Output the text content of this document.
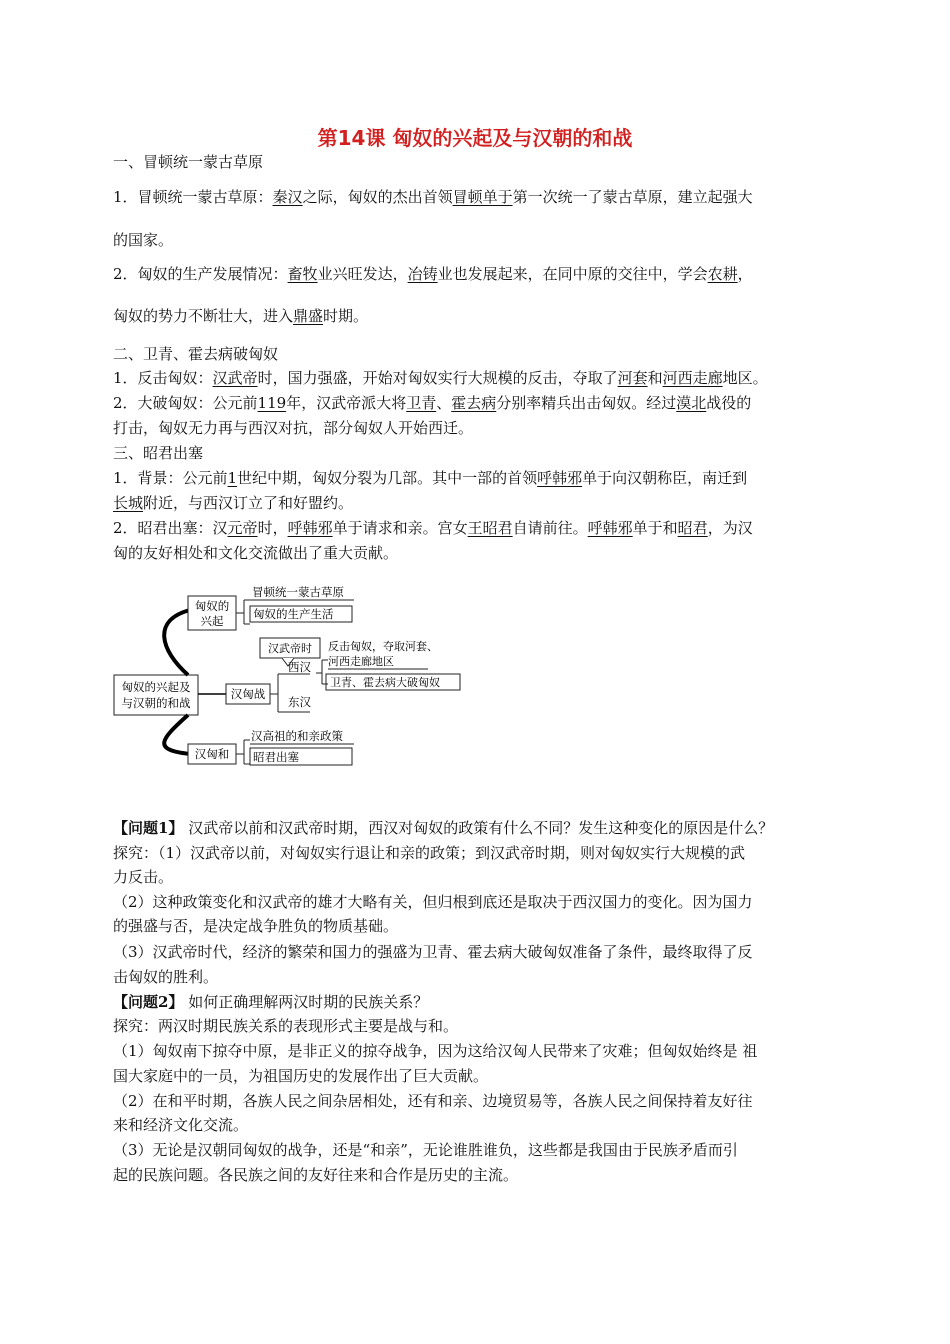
第14课 匈奴的兴起及与汉朝的和战
一、冒顿统一蒙古草原
1．冒顿统一蒙古草原：秦汉之际，匈奴的杰出首领冒顿单于第一次统一了蒙古草原，建立起强大
的国家。
2．匈奴的生产发展情况：畜牧业兴旺发达，冶铸业也发展起来，在同中原的交往中，学会农耕，
匈奴的势力不断壮大，进入鼎盛时期。
二、卫青、霍去病破匈奴
1．反击匈奴：汉武帝时，国力强盛，开始对匈奴实行大规模的反击，夺取了河套和河西走廊地区。
2．大破匈奴：公元前119年，汉武帝派大将卫青、霍去病分别率精兵出击匈奴。经过漠北战役的
打击，匈奴无力再与西汉对抗，部分匈奴人开始西迁。
三、昭君出塞
1．背景：公元前1世纪中期，匈奴分裂为几部。其中一部的首领呼韩邪单于向汉朝称臣，南迁到
长城附近，与西汉订立了和好盟约。
2．昭君出塞：汉元帝时，呼韩邪单于请求和亲。宫女王昭君自请前往。呼韩邪单于和昭君，为汉
匈的友好相处和文化交流做出了重大贡献。
匈奴的兴起及
与汉朝的和战
匈奴的
兴起
冒顿统一蒙古草原
匈奴的生产生活
汉匈战
汉武帝时
西汉
东汉
反击匈奴，夺取河套、
河西走廊地区
卫青、霍去病大破匈奴
汉匈和
汉高祖的和亲政策
昭君出塞
【问题1】 汉武帝以前和汉武帝时期，西汉对匈奴的政策有什么不同？发生这种变化的原因是什么？
探究：（1）汉武帝以前，对匈奴实行退让和亲的政策；到汉武帝时期，则对匈奴实行大规模的武
力反击。
（2）这种政策变化和汉武帝的雄才大略有关，但归根到底还是取决于西汉国力的变化。因为国力
的强盛与否，是决定战争胜负的物质基础。
（3）汉武帝时代，经济的繁荣和国力的强盛为卫青、霍去病大破匈奴准备了条件，最终取得了反
击匈奴的胜利。
【问题2】 如何正确理解两汉时期的民族关系？
探究：两汉时期民族关系的表现形式主要是战与和。
（1）匈奴南下掠夺中原，是非正义的掠夺战争，因为这给汉匈人民带来了灾难；但匈奴始终是 祖
国大家庭中的一员，为祖国历史的发展作出了巨大贡献。
（2）在和平时期，各族人民之间杂居相处，还有和亲、边境贸易等，各族人民之间保持着友好往
来和经济文化交流。
（3）无论是汉朝同匈奴的战争，还是“和亲”，无论谁胜谁负，这些都是我国由于民族矛盾而引
起的民族问题。各民族之间的友好往来和合作是历史的主流。
